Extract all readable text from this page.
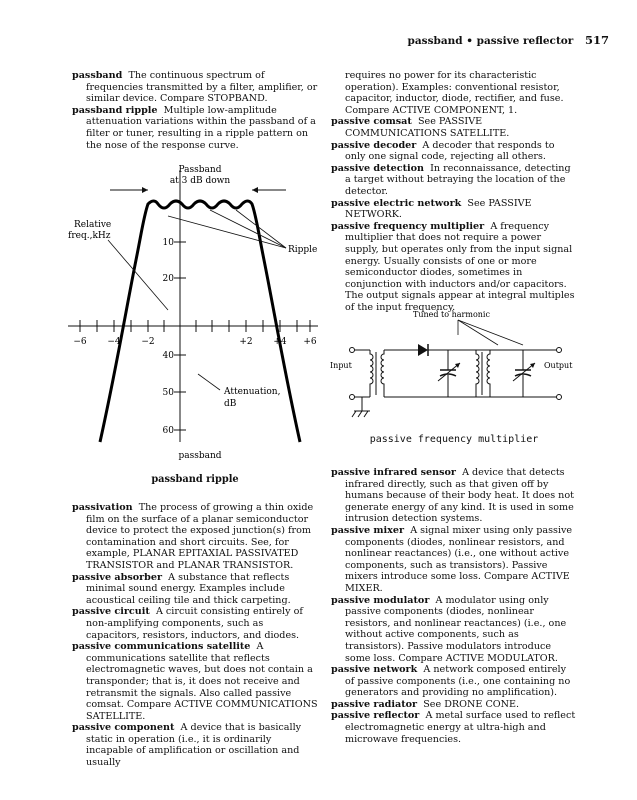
passband • passive reflector 517

passband The continuous spectrum of frequencies transmitted by a filter, amplifier, or similar device. Compare STOPBAND.

passband ripple Multiple low-amplitude attenuation variations within the passband of a filter or tuner, resulting in a ripple pattern on the nose of the response curve.

Passband
at 3 dB down
Relative
freq.,kHz
Ripple
10
20
40
50
60
−6 −4 −2	+2 +4 +6
Attenuation,
dB
passband
passband ripple

passivation The process of growing a thin oxide film on the surface of a planar semiconductor device to protect the exposed junction(s) from contamination and short circuits. See, for example, PLANAR EPITAXIAL PASSIVATED TRANSISTOR and PLANAR TRANSISTOR.

passive absorber A substance that reflects minimal sound energy. Examples include acoustical ceiling tile and thick carpeting.

passive circuit A circuit consisting entirely of non-amplifying components, such as capacitors, resistors, inductors, and diodes.

passive communications satellite A communications satellite that reflects electromagnetic waves, but does not contain a transponder; that is, it does not receive and retransmit the signals. Also called passive comsat. Compare ACTIVE COMMUNICATIONS SATELLITE.

passive component A device that is basically static in operation (i.e., it is ordinarily incapable of amplification or oscillation and usually

requires no power for its characteristic operation). Examples: conventional resistor, capacitor, inductor, diode, rectifier, and fuse. Compare ACTIVE COMPONENT, 1.

passive comsat See PASSIVE COMMUNICATIONS SATELLITE.

passive decoder A decoder that responds to only one signal code, rejecting all others.

passive detection In reconnaissance, detecting a target without betraying the location of the detector.

passive electric network See PASSIVE NETWORK.

passive frequency multiplier A frequency multiplier that does not require a power supply, but operates only from the input signal energy. Usually consists of one or more semiconductor diodes, sometimes in conjunction with inductors and/or capacitors. The output signals appear at integral multiples of the input frequency.

Tuned to harmonic
Input	Output
passive frequency multiplier

passive infrared sensor A device that detects infrared directly, such as that given off by humans because of their body heat. It does not generate energy of any kind. It is used in some intrusion detection systems.

passive mixer A signal mixer using only passive components (diodes, nonlinear resistors, and nonlinear reactances) (i.e., one without active components, such as transistors). Passive mixers introduce some loss. Compare ACTIVE MIXER.

passive modulator A modulator using only passive components (diodes, nonlinear resistors, and nonlinear reactances) (i.e., one without active components, such as transistors). Passive modulators introduce some loss. Compare ACTIVE MODULATOR.

passive network A network composed entirely of passive components (i.e., one containing no generators and providing no amplification).

passive radiator See DRONE CONE.

passive reflector A metal surface used to reflect electromagnetic energy at ultra-high and microwave frequencies.
